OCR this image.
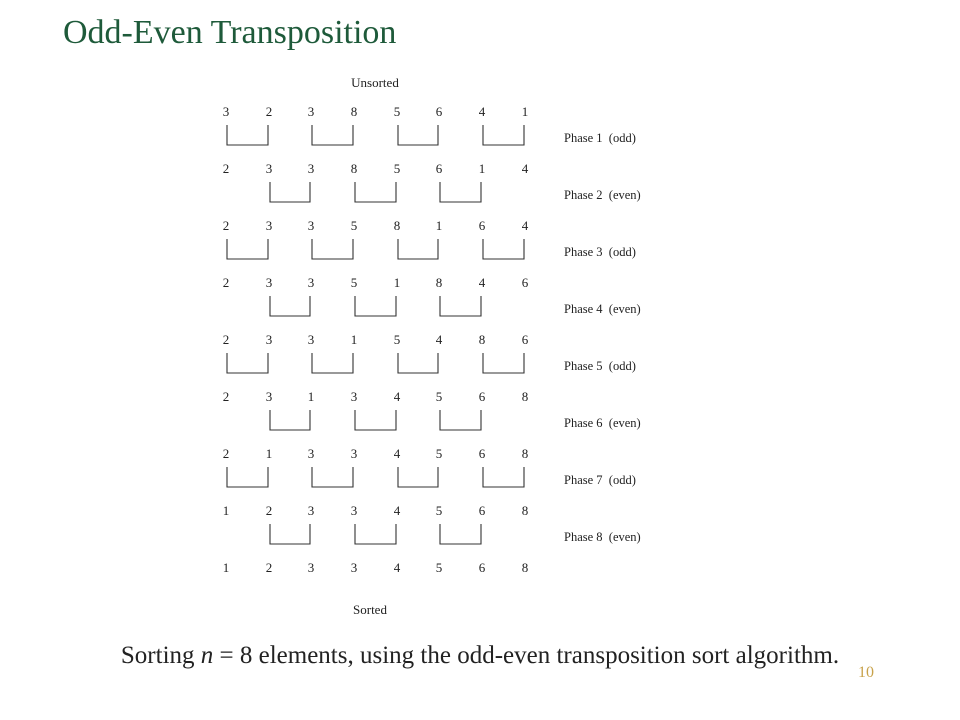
Odd-Even Transposition
Unsorted
3	2	3	8	5	6	4	1
2	3	3	8	5	6	1	4
2	3	3	5	8	1	6	4
2	3	3	5	1	8	4	6
2	3	3	1	5	4	8	6
2	3	1	3	4	5	6	8
2	1	3	3	4	5	6	8
1	2	3	3	4	5	6	8
1	2	3	3	4	5	6	8
Phase 1  (odd)
Phase 2  (even)
Phase 3  (odd)
Phase 4  (even)
Phase 5  (odd)
Phase 6  (even)
Phase 7  (odd)
Phase 8  (even)
Sorted
Sorting n = 8 elements, using the odd-even transposition sort algorithm.
10
